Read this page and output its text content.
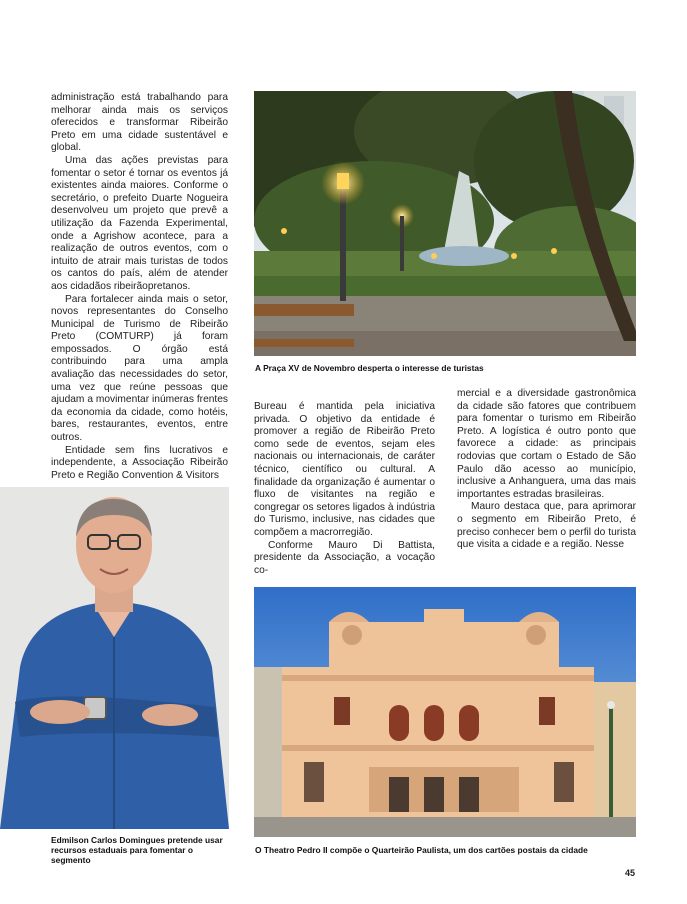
administração está trabalhando para melhorar ainda mais os serviços oferecidos e transformar Ribeirão Preto em uma cidade sustentável e global.

Uma das ações previstas para fomentar o setor é tornar os eventos já existentes ainda maiores. Conforme o secretário, o prefeito Duarte Nogueira desenvolveu um projeto que prevê a utilização da Fazenda Experimental, onde a Agrishow acontece, para a realização de outros eventos, com o intuito de atrair mais turistas de todos os cantos do país, além de atender aos cidadãos ribeirãopretanos.

Para fortalecer ainda mais o setor, novos representantes do Conselho Municipal de Turismo de Ribeirão Preto (COMTURP) já foram empossados. O órgão está contribuindo para uma ampla avaliação das necessidades do setor, uma vez que reúne pessoas que ajudam a movimentar inúmeras frentes da economia da cidade, como hotéis, bares, restaurantes, eventos, entre outros.

Entidade sem fins lucrativos e independente, a Associação Ribeirão Preto e Região Convention & Visitors

A Praça XV de Novembro desperta o interesse de turistas

Bureau é mantida pela iniciativa privada. O objetivo da entidade é promover a região de Ribeirão Preto como sede de eventos, sejam eles nacionais ou internacionais, de caráter técnico, científico ou cultural. A finalidade da organização é aumentar o fluxo de visitantes na região e congregar os setores ligados à indústria do Turismo, inclusive, nas cidades que compõem a macrorregião.

Conforme Mauro Di Battista, presidente da Associação, a vocação co-

mercial e a diversidade gastronômica da cidade são fatores que contribuem para fomentar o turismo em Ribeirão Preto. A logística é outro ponto que favorece a cidade: as principais rodovias que cortam o Estado de São Paulo dão acesso ao município, inclusive a Anhanguera, uma das mais importantes estradas brasileiras.

Mauro destaca que, para aprimorar o segmento em Ribeirão Preto, é preciso conhecer bem o perfil do turista que visita a cidade e a região. Nesse

Edmilson Carlos Domingues pretende usar
recursos estaduais para fomentar o segmento
O Theatro Pedro II compõe o Quarteirão Paulista, um dos cartões postais da cidade
45
